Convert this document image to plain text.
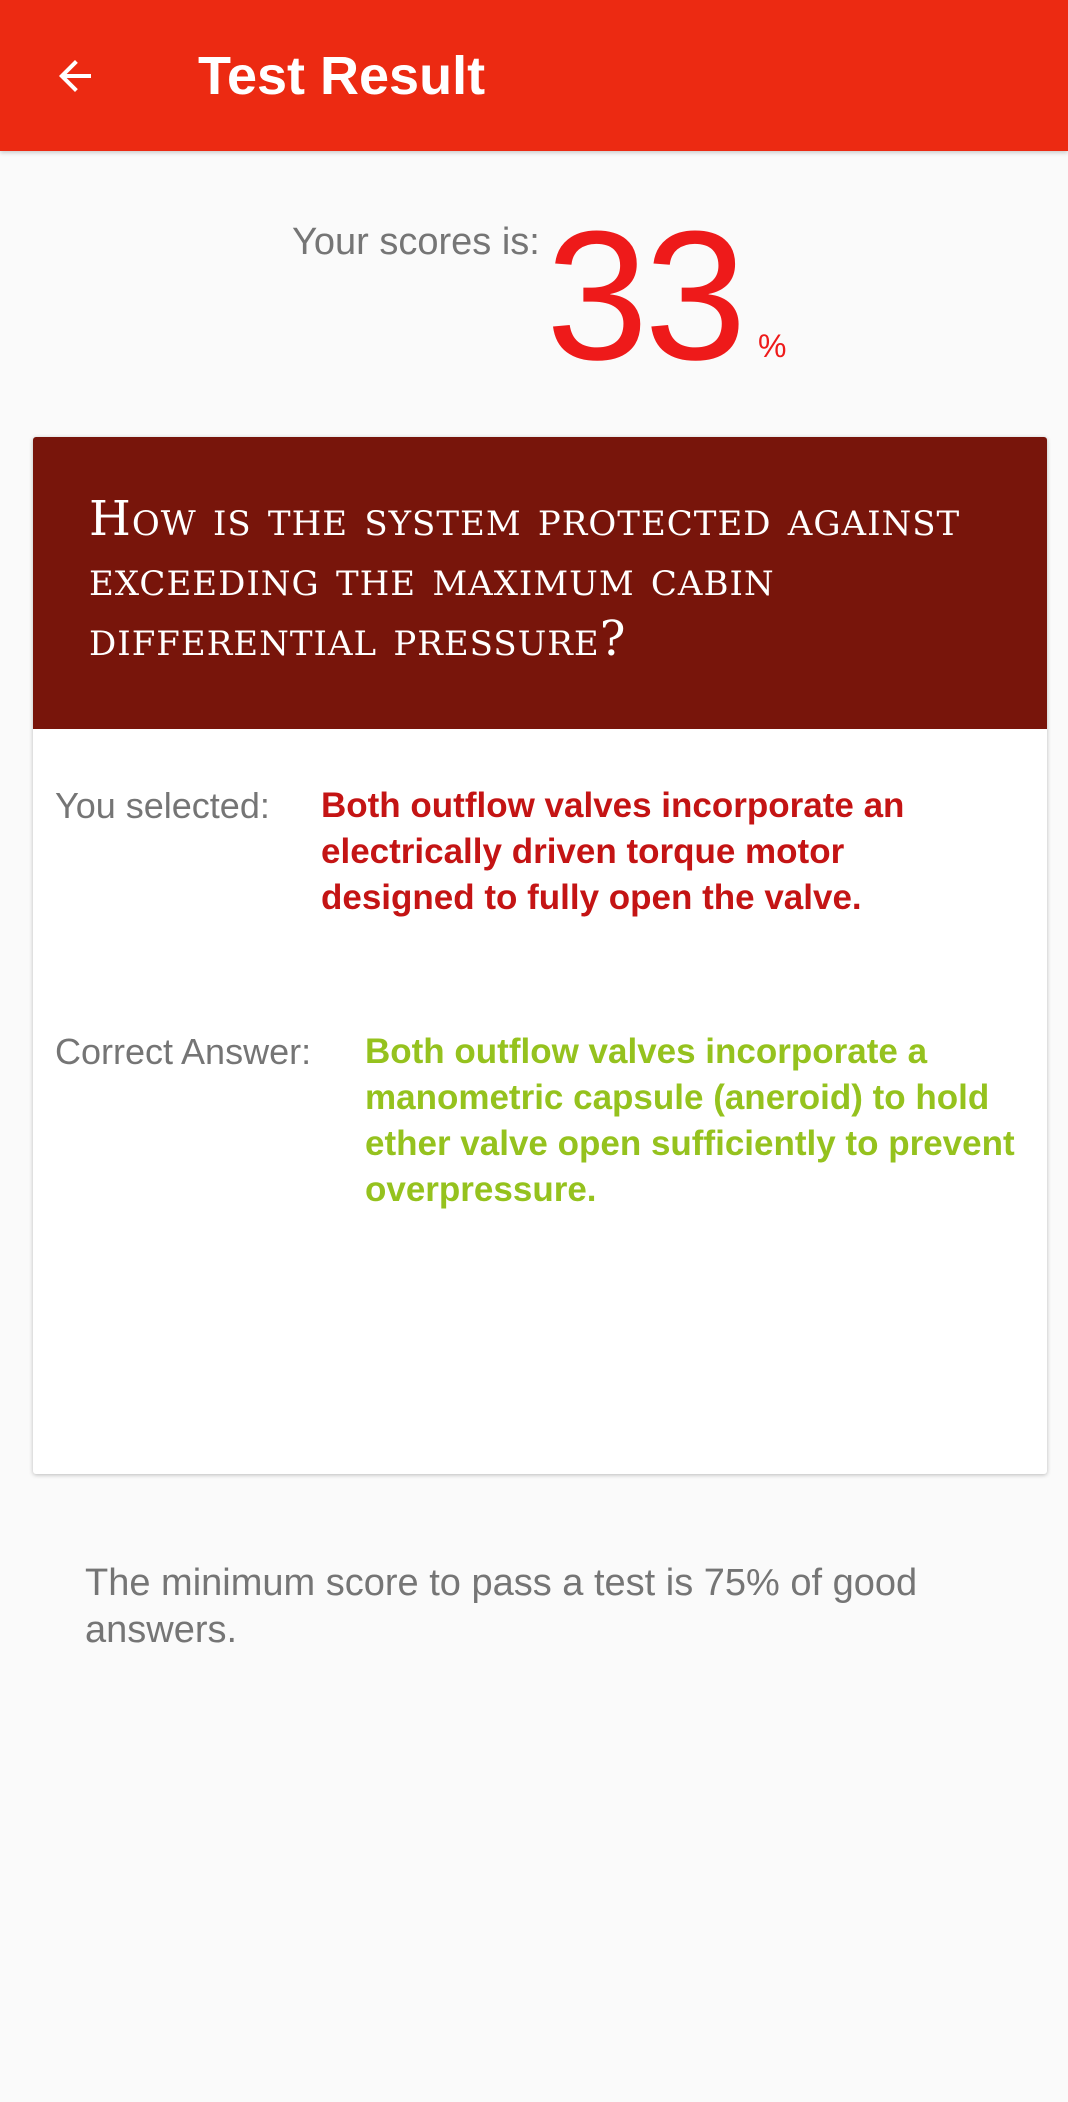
Test Result
Your scores is: 33 %
How is the system protected against exceeding the maximum cabin differential pressure?
You selected: Both outflow valves incorporate an electrically driven torque motor designed to fully open the valve.
Correct Answer: Both outflow valves incorporate a manometric capsule (aneroid) to hold ether valve open sufficiently to prevent overpressure.
The minimum score to pass a test is 75% of good answers.
